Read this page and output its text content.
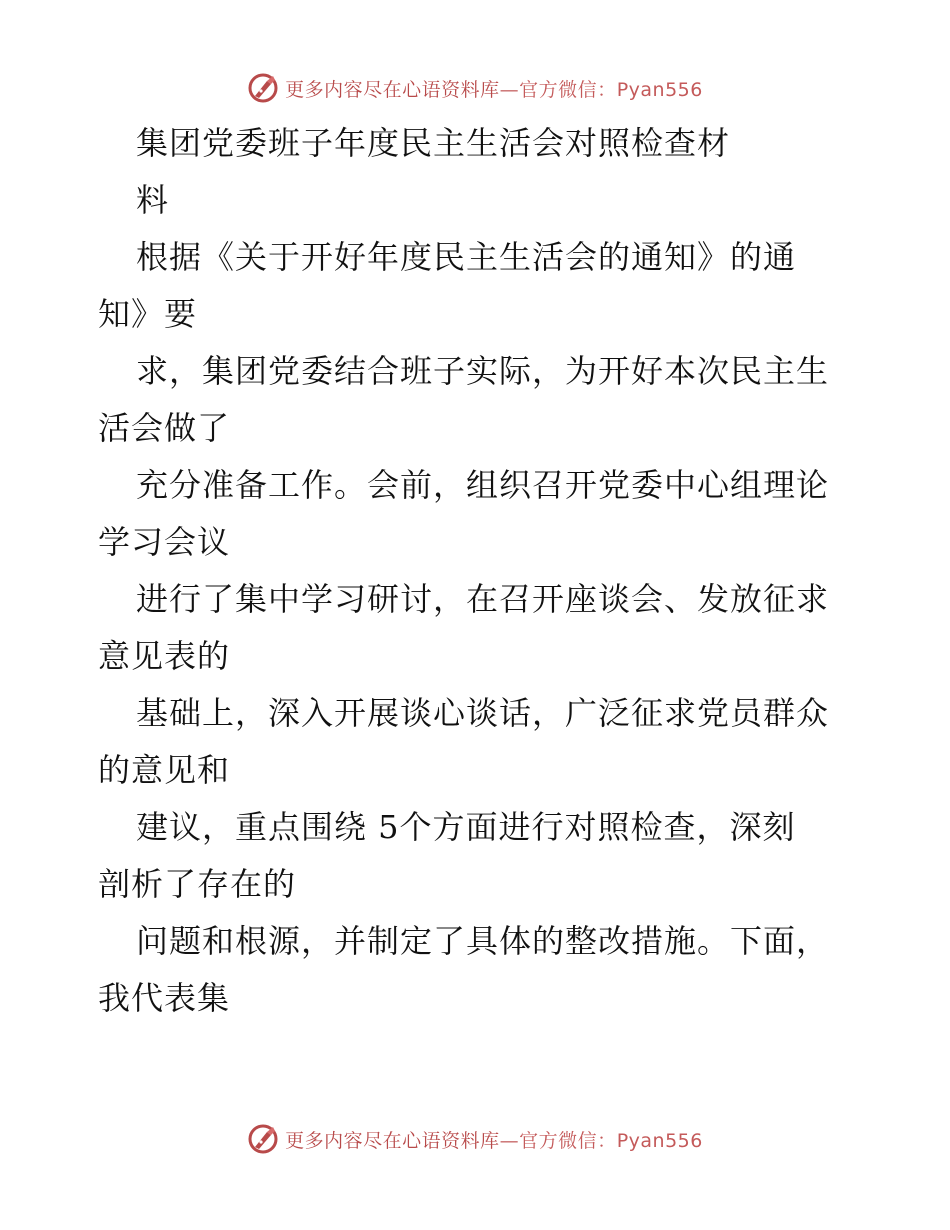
更多内容尽在心语资料库—官方微信：Pyan556
集团党委班子年度民主生活会对照检查材
料
根据《关于开好年度民主生活会的通知》的通
知》要
求，集团党委结合班子实际，为开好本次民主生
活会做了
充分准备工作。会前，组织召开党委中心组理论
学习会议
进行了集中学习研讨，在召开座谈会、发放征求
意见表的
基础上，深入开展谈心谈话，广泛征求党员群众
的意见和
建议，重点围绕 5个方面进行对照检查，深刻
剖析了存在的
问题和根源，并制定了具体的整改措施。下面，
我代表集
更多内容尽在心语资料库—官方微信：Pyan556
